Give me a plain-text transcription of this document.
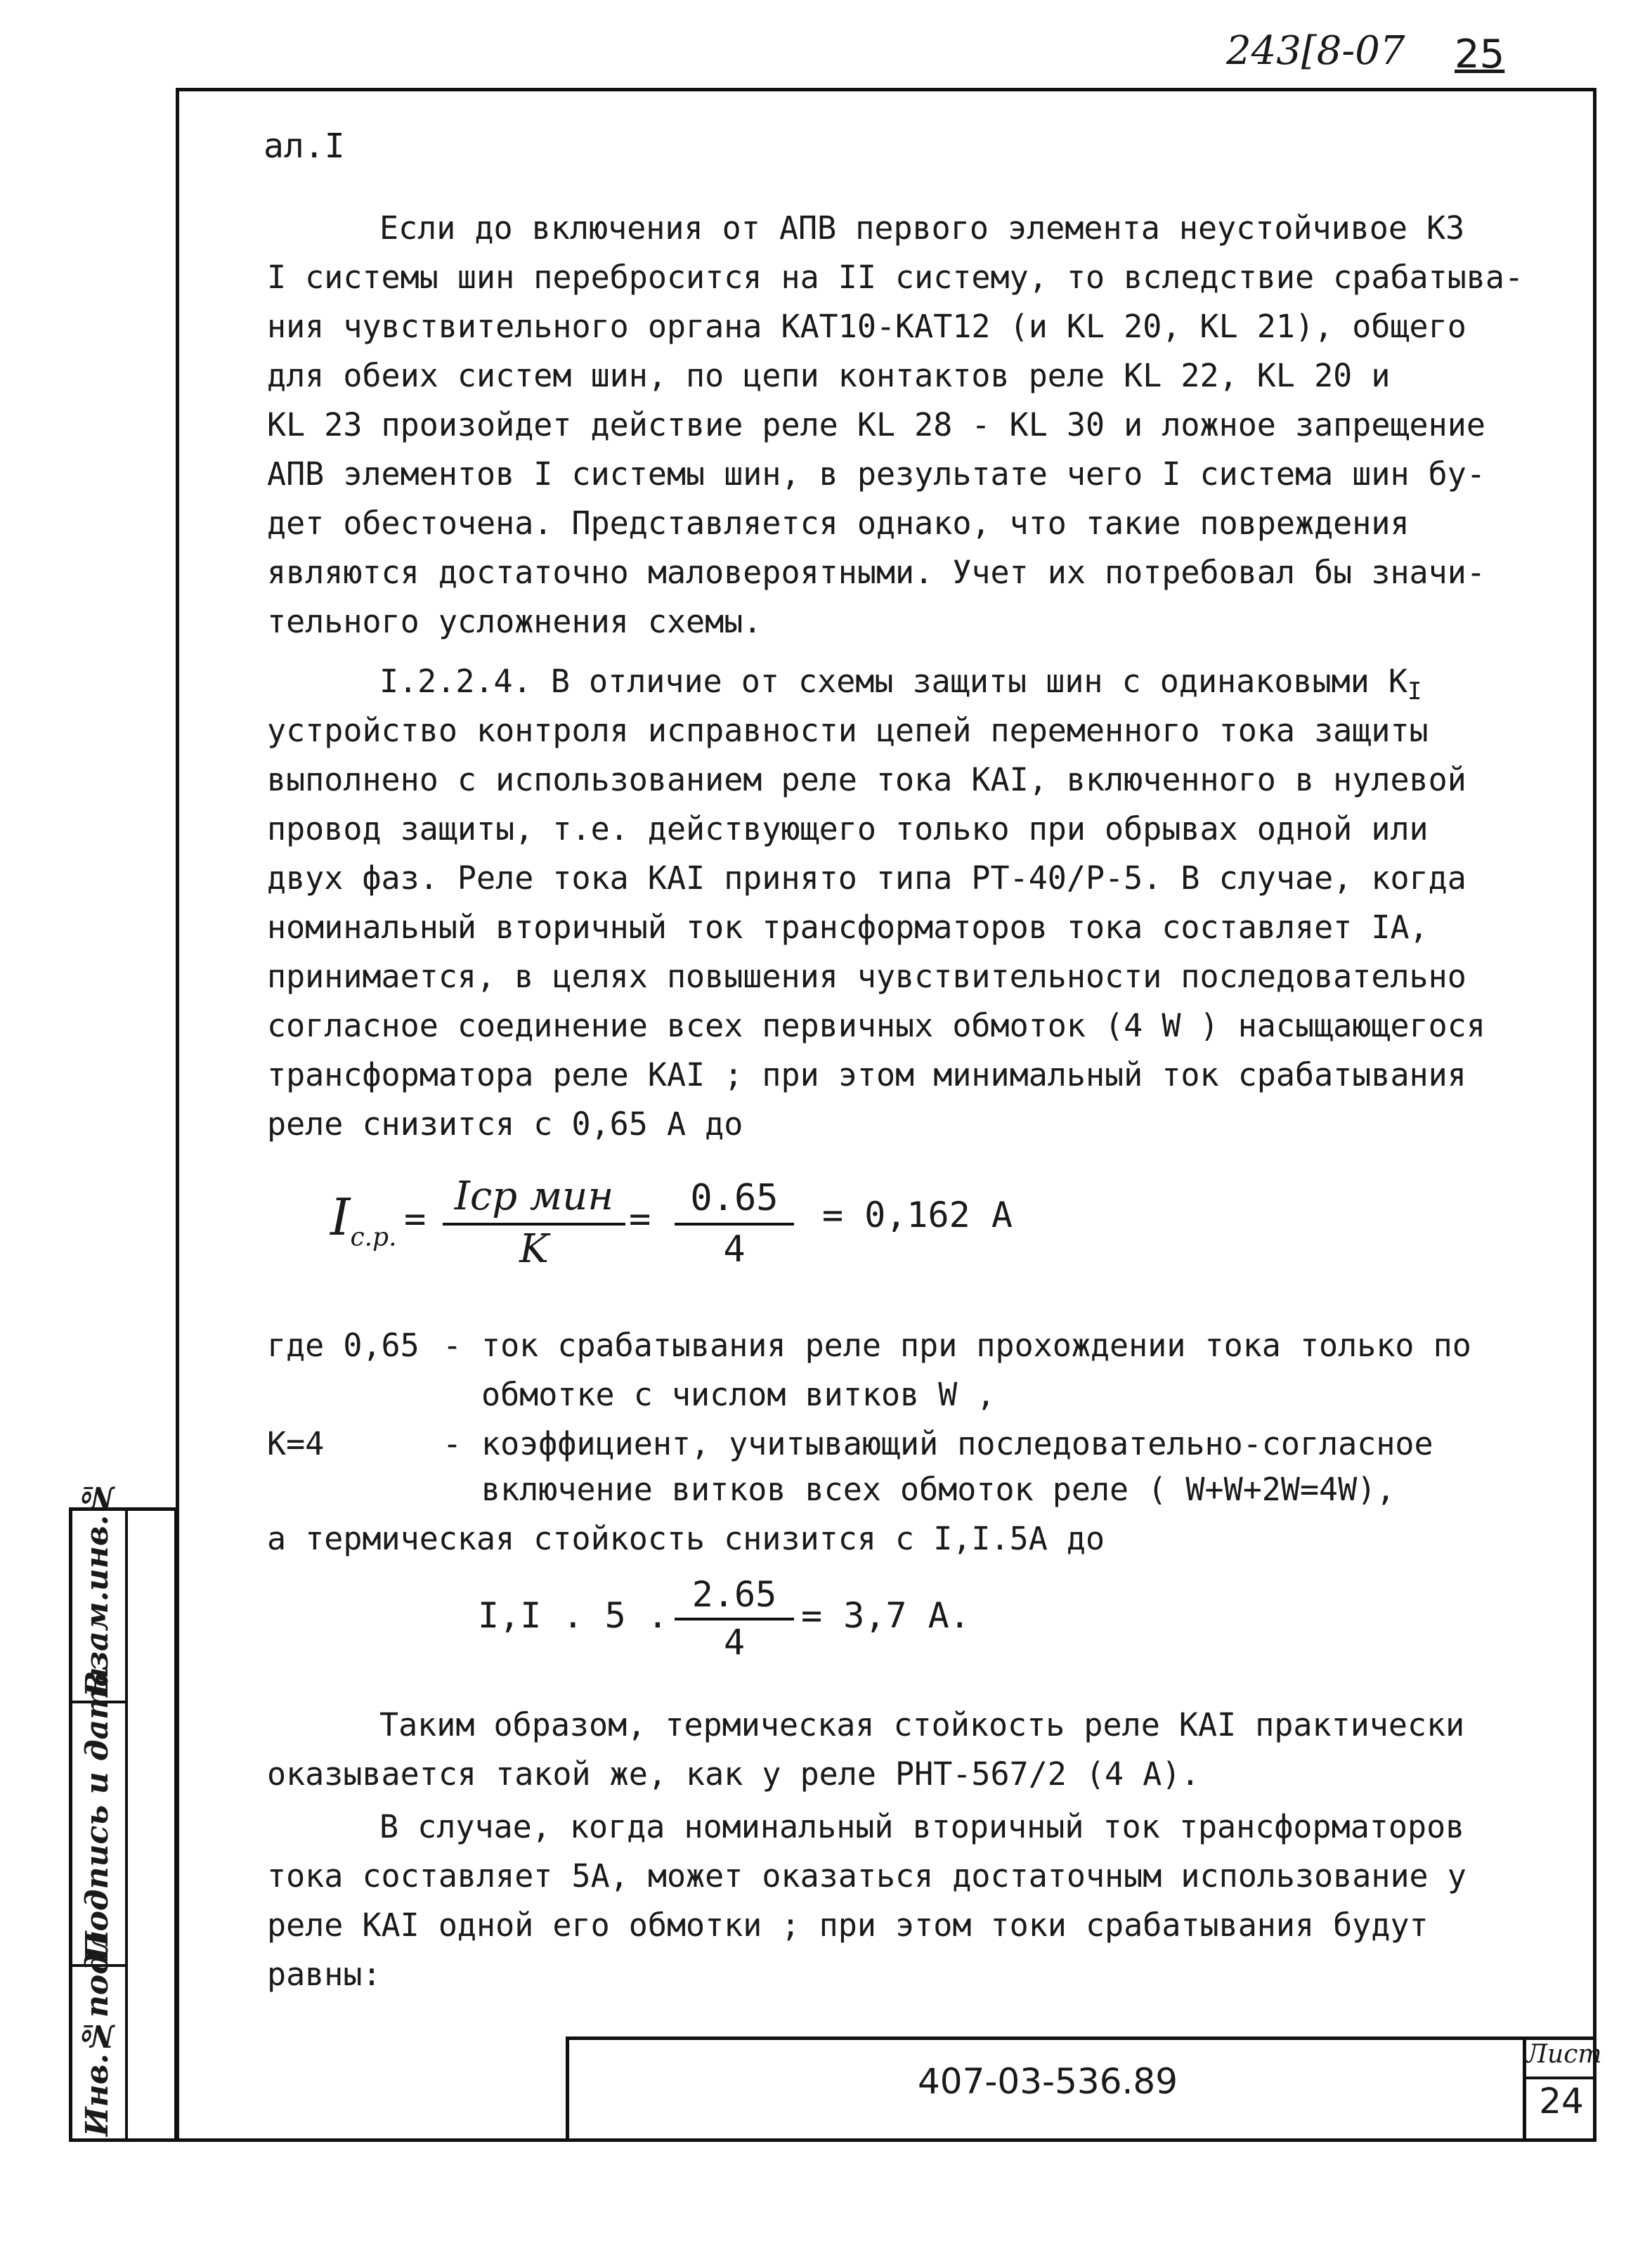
243[8-07 25
Инв.№подл
Подпись и дата
Взам.инв.№
ал.I
Если до включения от АПВ первого элемента неустойчивое КЗ
I системы шин перебросится на II систему, то вследствие срабатыва-
ния чувствительного органа КАТ10-КАТ12 (и KL 20, KL 21), общего
для обеих систем шин, по цепи контактов реле KL 22, KL 20 и
KL 23 произойдет действие реле KL 28 - KL 30 и ложное запрещение
АПВ элементов I системы шин, в результате чего I система шин бу-
дет обесточена. Представляется однако, что такие повреждения
являются достаточно маловероятными. Учет их потребовал бы значи-
тельного усложнения схемы.
I.2.2.4. В отличие от схемы защиты шин с одинаковыми $К_I$
устройство контроля исправности цепей переменного тока защиты
выполнено с использованием реле тока КАI, включенного в нулевой
провод защиты, т.е. действующего только при обрывах одной или
двух фаз. Реле тока КАI принято типа РТ-40/Р-5. В случае, когда
номинальный вторичный ток трансформаторов тока составляет IА,
принимается, в целях повышения чувствительности последовательно
согласное соединение всех первичных обмоток (4 W ) насыщающегося
трансформатора реле КАI ; при этом минимальный ток срабатывания
реле снизится с 0,65 А до
$I_{с.р.}$ = Iср мин
K
=	0.65
4
= 0,162 А
где 0,65 - ток срабатывания реле при прохождении тока только по
обмотке с числом витков W ,
K=4	- коэффициент, учитывающий последовательно-согласное
включение витков всех обмоток реле ( W+W+2W=4W),
а термическая стойкость снизится с I,I.5А до
I,I . 5 .
2.65
4
= 3,7 А.
Таким образом, термическая стойкость реле КАI практически
оказывается такой же, как у реле РНТ-567/2 (4 А).
В случае, когда номинальный вторичный ток трансформаторов
тока составляет 5А, может оказаться достаточным использование у
реле КАI одной его обмотки ; при этом токи срабатывания будут
равны:
407-03-536.89
Лист
24
